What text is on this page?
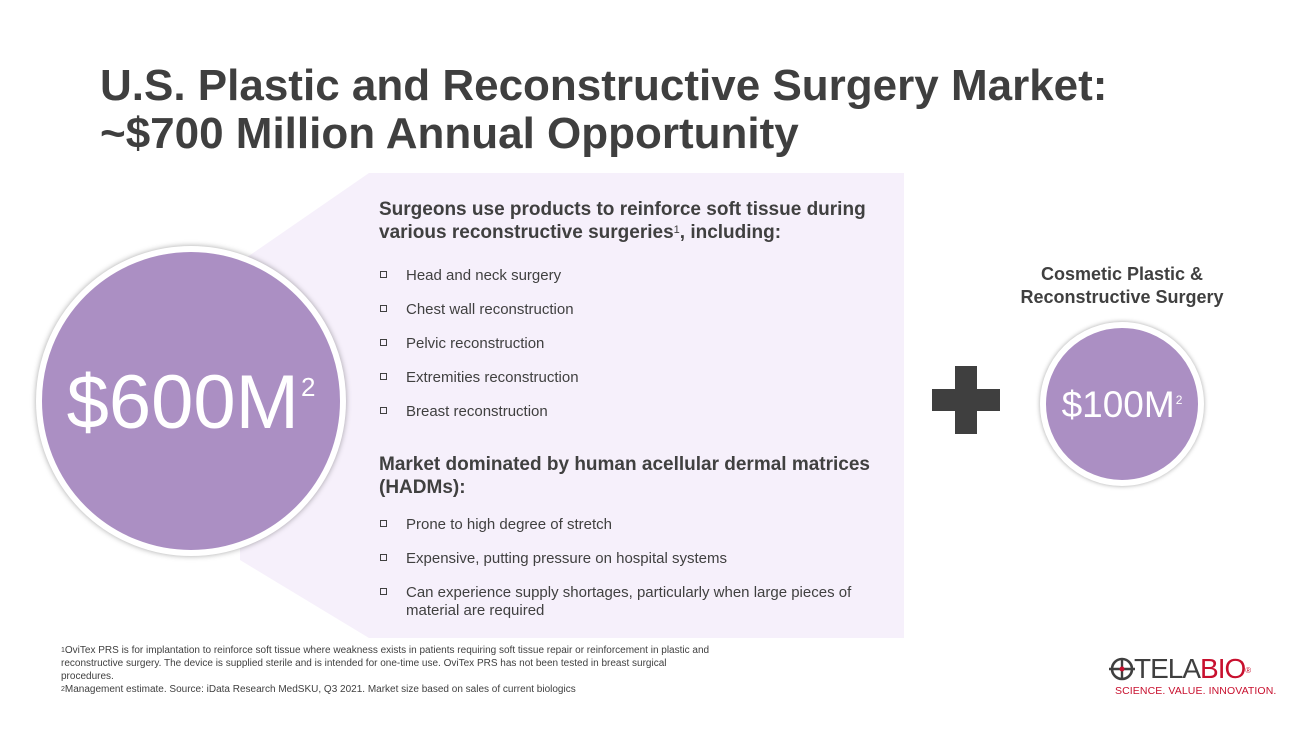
U.S. Plastic and Reconstructive Surgery Market:
~$700 Million Annual Opportunity
$\$600M^2$
Surgeons use products to reinforce soft tissue during various reconstructive surgeries$^1$, including:
Head and neck surgery
Chest wall reconstruction
Pelvic reconstruction
Extremities reconstruction
Breast reconstruction
Market dominated by human acellular dermal matrices (HADMs):
Prone to high degree of stretch
Expensive, putting pressure on hospital systems
Can experience supply shortages, particularly when large pieces of material are required
Cosmetic Plastic & Reconstructive Surgery
$\$100M^2$
$^1$OviTex PRS is for implantation to reinforce soft tissue where weakness exists in patients requiring soft tissue repair or reinforcement in plastic and reconstructive surgery. The device is supplied sterile and is intended for one-time use. OviTex PRS has not been tested in breast surgical procedures.
$^2$Management estimate. Source: iData Research MedSKU, Q3 2021. Market size based on sales of current biologics
TELABIO®
SCIENCE. VALUE. INNOVATION.
